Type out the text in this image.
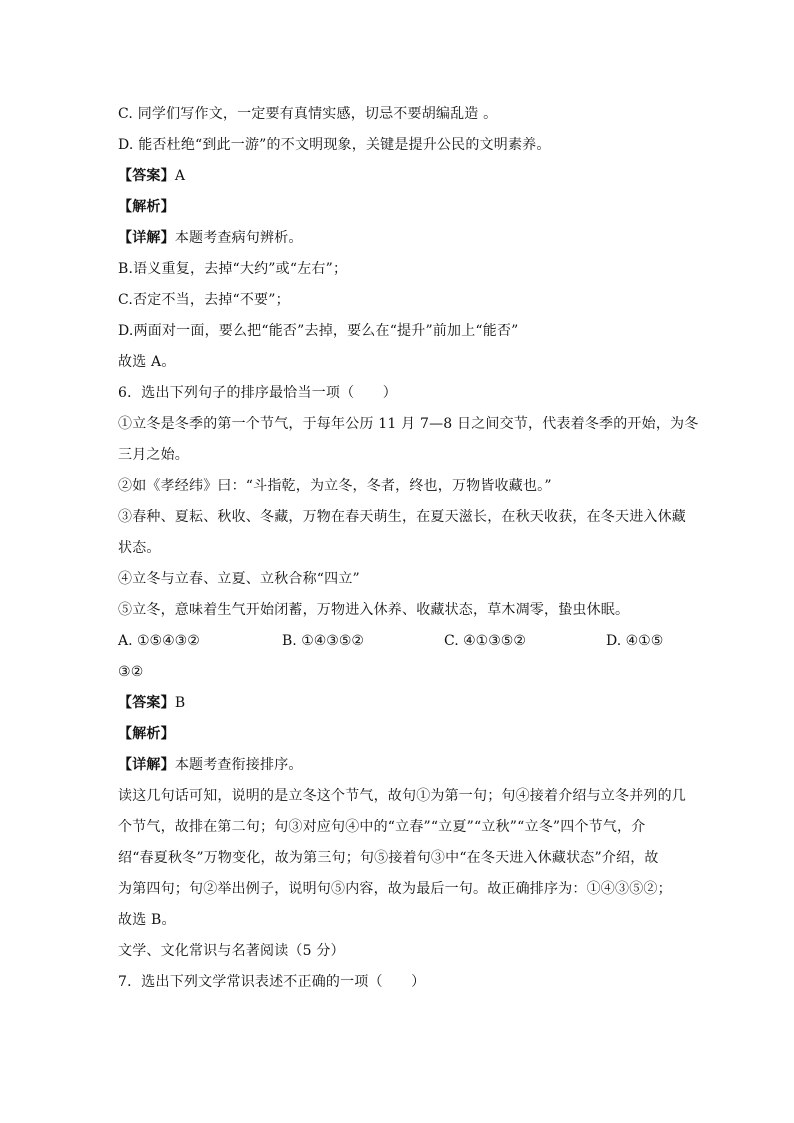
C. 同学们写作文，一定要有真情实感，切忌不要胡编乱造 。
D. 能否杜绝“到此一游”的不文明现象，关键是提升公民的文明素养。
【答案】A
【解析】
【详解】本题考查病句辨析。
B.语义重复，去掉“大约”或“左右”；
C.否定不当，去掉“不要”；
D.两面对一面，要么把“能否”去掉，要么在“提升”前加上“能否”
故选 A。
6．选出下列句子的排序最恰当一项（　　）
①立冬是冬季的第一个节气，于每年公历 11 月 7—8 日之间交节，代表着冬季的开始，为冬
三月之始。
②如《孝经纬》曰：“斗指乾，为立冬，冬者，终也，万物皆收藏也。”
③春种、夏耘、秋收、冬藏，万物在春天萌生，在夏天滋长，在秋天收获，在冬天进入休藏
状态。
④立冬与立春、立夏、立秋合称“四立”
⑤立冬，意味着生气开始闭蓄，万物进入休养、收藏状态，草木凋零，蛰虫休眠。
A. ①⑤④③②	B. ①④③⑤②	C. ④①③⑤②	D. ④①⑤
③②
【答案】B
【解析】
【详解】本题考查衔接排序。
读这几句话可知，说明的是立冬这个节气，故句①为第一句；句④接着介绍与立冬并列的几
个节气，故排在第二句；句③对应句④中的“立春”“立夏”“立秋”“立冬”四个节气，介
绍“春夏秋冬”万物变化，故为第三句；句⑤接着句③中“在冬天进入休藏状态”介绍，故
为第四句；句②举出例子，说明句⑤内容，故为最后一句。故正确排序为：①④③⑤②；
故选 B。
文学、文化常识与名著阅读（5 分）
7．选出下列文学常识表述不正确的一项（　　）
